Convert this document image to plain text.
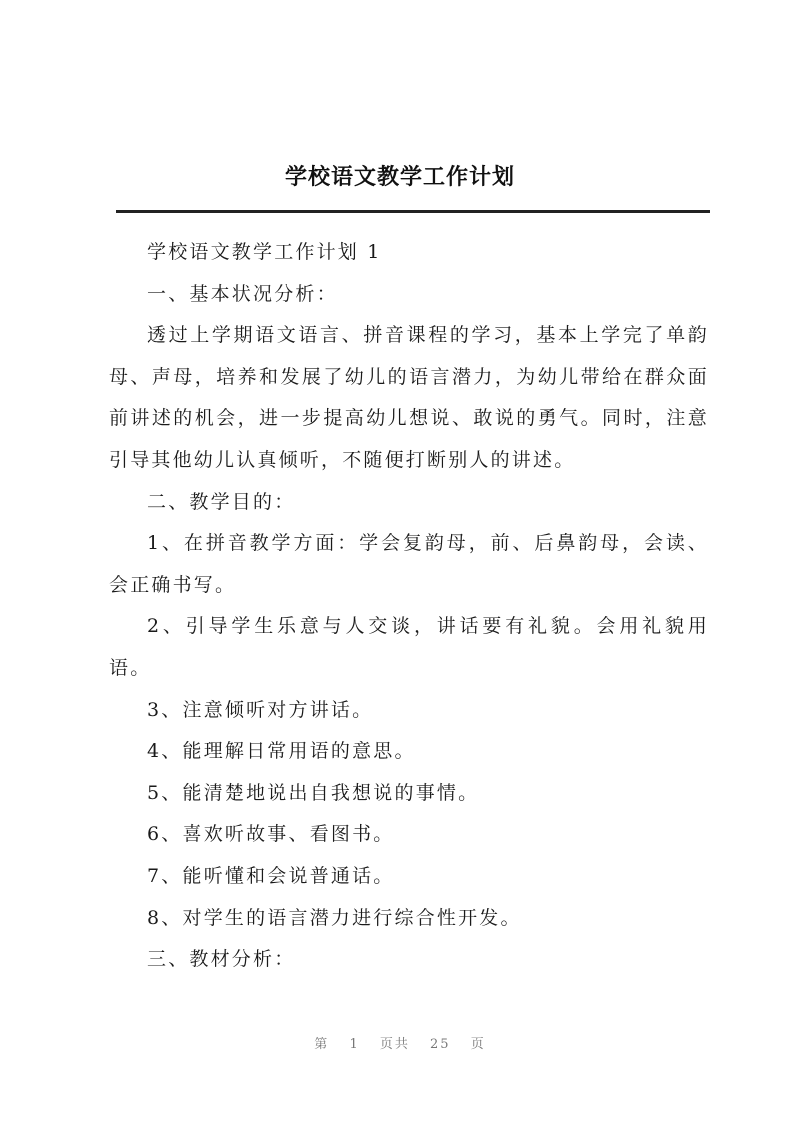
学校语文教学工作计划

学校语文教学工作计划 1

一、基本状况分析：

透过上学期语文语言、拼音课程的学习，基本上学完了单韵母、声母，培养和发展了幼儿的语言潜力，为幼儿带给在群众面前讲述的机会，进一步提高幼儿想说、敢说的勇气。同时，注意引导其他幼儿认真倾听，不随便打断别人的讲述。

二、教学目的：

1、在拼音教学方面：学会复韵母，前、后鼻韵母，会读、会正确书写。

2、引导学生乐意与人交谈，讲话要有礼貌。会用礼貌用语。

3、注意倾听对方讲话。

4、能理解日常用语的意思。

5、能清楚地说出自我想说的事情。

6、喜欢听故事、看图书。

7、能听懂和会说普通话。

8、对学生的语言潜力进行综合性开发。

三、教材分析：

第 1 页共 25 页
